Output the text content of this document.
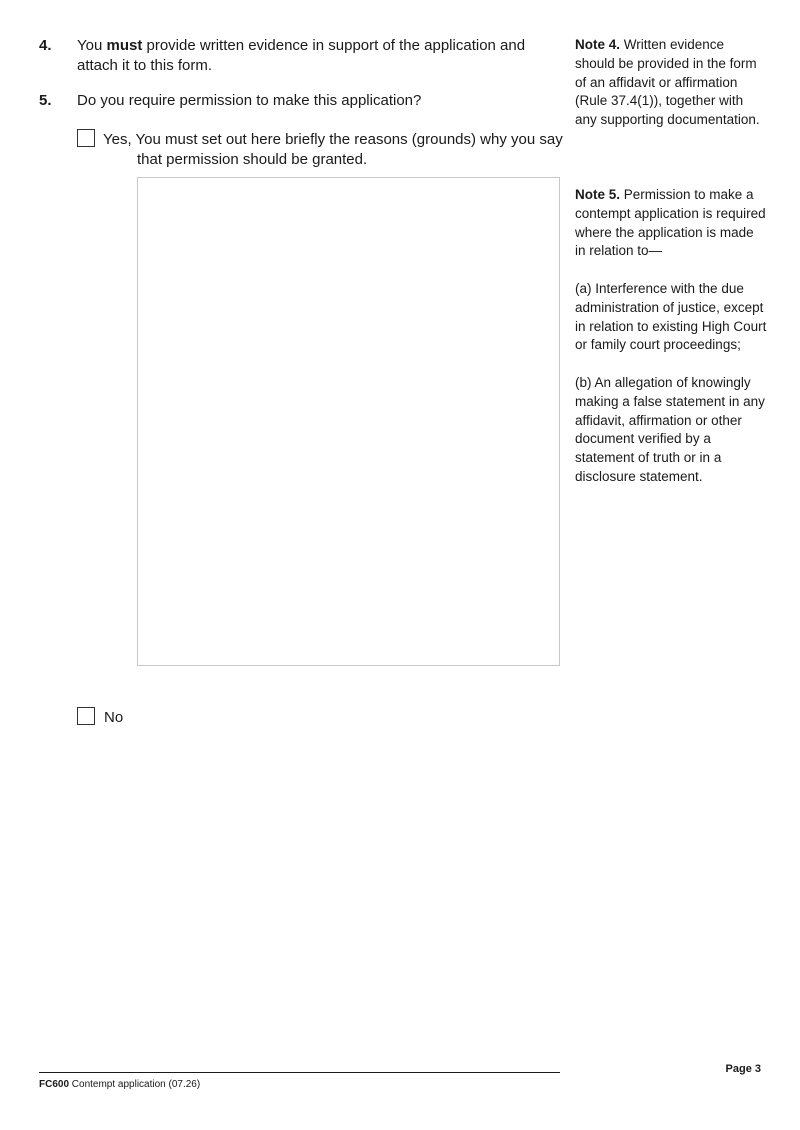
4. You must provide written evidence in support of the application and attach it to this form.
5. Do you require permission to make this application?
Yes, You must set out here briefly the reasons (grounds) why you say that permission should be granted.
No
Note 4. Written evidence should be provided in the form of an affidavit or affirmation (Rule 37.4(1)), together with any supporting documentation.

Note 5. Permission to make a contempt application is required where the application is made in relation to—

(a) Interference with the due administration of justice, except in relation to existing High Court or family court proceedings;

(b) An allegation of knowingly making a false statement in any affidavit, affirmation or other document verified by a statement of truth or in a disclosure statement.

FC600 Contempt application (07.26)
Page 3
